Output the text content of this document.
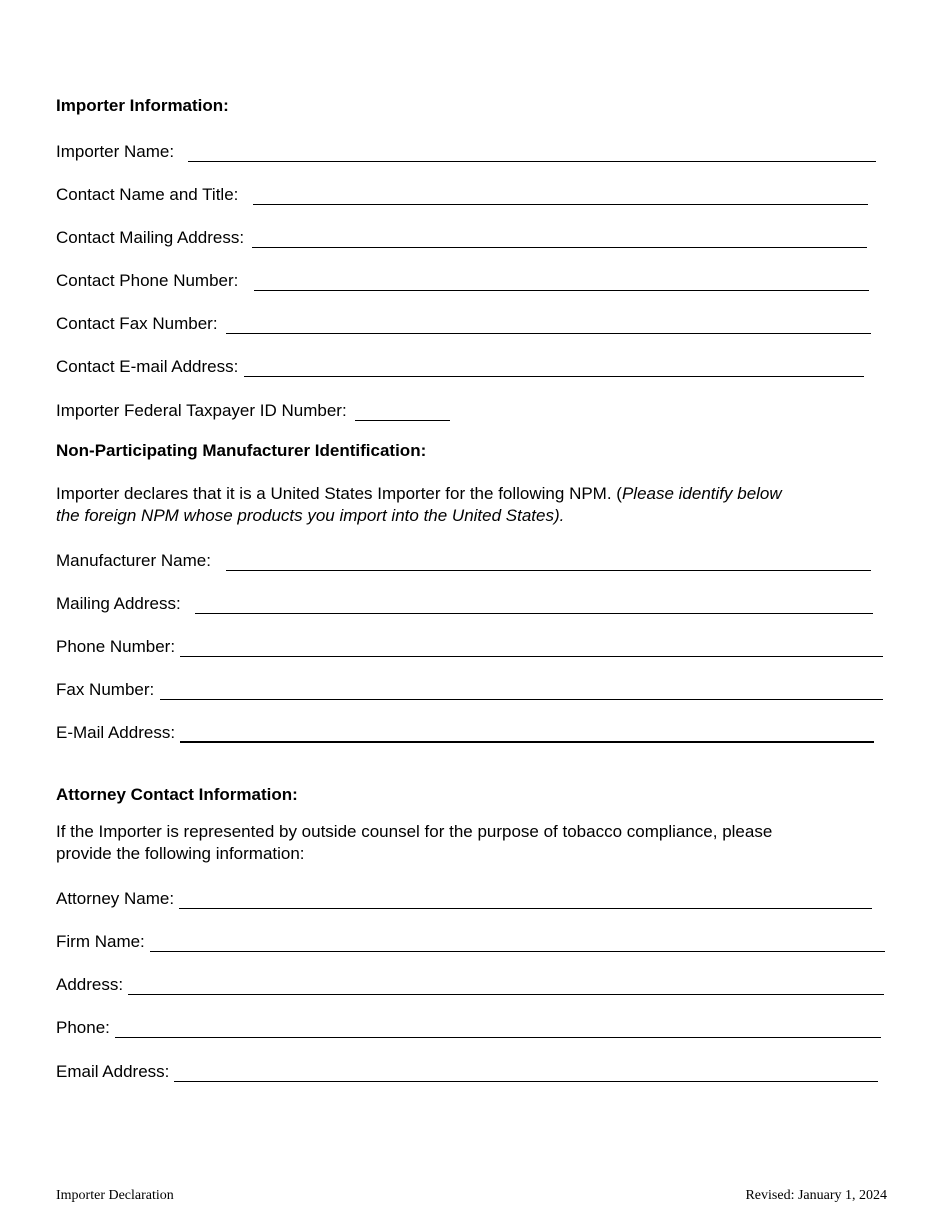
Importer Information:
Importer Name:
Contact Name and Title:
Contact Mailing Address:
Contact Phone Number:
Contact Fax Number:
Contact E-mail Address:
Importer Federal Taxpayer ID Number:
Non-Participating Manufacturer Identification:
Importer declares that it is a United States Importer for the following NPM. (Please identify below
the foreign NPM whose products you import into the United States).
Manufacturer Name:
Mailing Address:
Phone Number:
Fax Number:
E-Mail Address:
Attorney Contact Information:
If the Importer is represented by outside counsel for the purpose of tobacco compliance, please
provide the following information:
Attorney Name:
Firm Name:
Address:
Phone:
Email Address:
Importer Declaration	Revised: January 1, 2024
